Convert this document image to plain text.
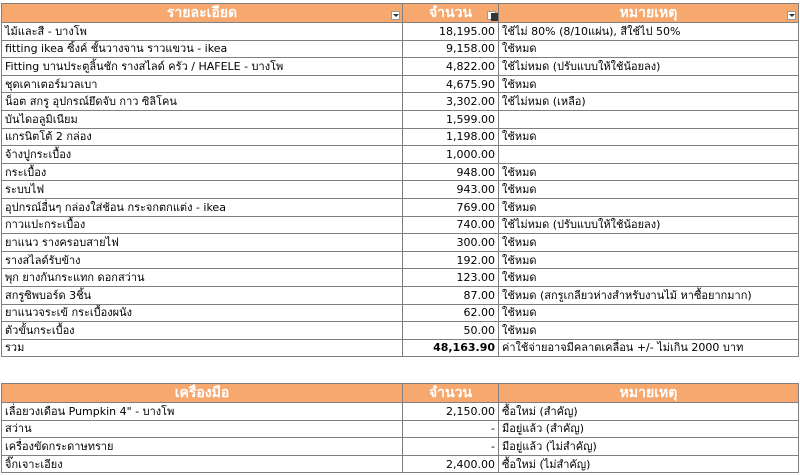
รายละเอียด	จำนวน	หมายเหตุ

ไม้และสี - บางโพ	18,195.00	ใช้ไม่ 80% (8/10แผ่น), สีใช้ไป 50%
fitting ikea ซิ้งค์ ชั้นวางจาน ราวแขวน - ikea	9,158.00	ใช้หมด
Fitting บานประตูลิ้นชัก รางสไลด์ ครัว / HAFELE - บางโพ	4,822.00	ใช้ไม่หมด (ปรับแบบให้ใช้น้อยลง)
ชุดเคาเตอร์มวลเบา	4,675.90	ใช้หมด
น็อต สกรู อุปกรณ์ยึดจับ กาว ซิลิโคน	3,302.00	ใช้ไม่หมด (เหลือ)
บันไดอลูมิเนียม	1,599.00	
แกรนิตโต้ 2 กล่อง	1,198.00	ใช้หมด
จ้างปูกระเบื้อง	1,000.00	
กระเบื้อง	948.00	ใช้หมด
ระบบไฟ	943.00	ใช้หมด
อุปกรณ์อื่นๆ กล่องใส่ช้อน กระจกตกแต่ง - ikea	769.00	ใช้หมด
กาวแปะกระเบื้อง	740.00	ใช้ไม่หมด (ปรับแบบให้ใช้น้อยลง)
ยาแนว รางครอบสายไฟ	300.00	ใช้หมด
รางสไลด์รับข้าง	192.00	ใช้หมด
พุก ยางกันกระแทก ดอกสว่าน	123.00	ใช้หมด
สกรูซิพบอร์ด 3ชิ้น	87.00	ใช้หมด (สกรูเกลียวห่างสำหรับงานไม้ หาซื้อยากมาก)
ยาแนวจระเข้ กระเบื้องผนัง	62.00	ใช้หมด
ตัวขั้นกระเบื้อง	50.00	ใช้หมด
รวม	48,163.90	ค่าใช้จ่ายอาจมีคลาดเคลื่อน +/- ไม่เกิน 2000 บาท
เครื่องมือ	จำนวน	หมายเหตุ
เลื่อยวงเดือน Pumpkin 4" - บางโพ	2,150.00	ซื้อใหม่ (สำคัญ)
สว่าน	-	มีอยู่แล้ว (สำคัญ)
เครื่องขัดกระดาษทราย	-	มีอยู่แล้ว (ไม่สำคัญ)
จิ๊กเจาะเอียง	2,400.00	ซื้อใหม่ (ไม่สำคัญ)
